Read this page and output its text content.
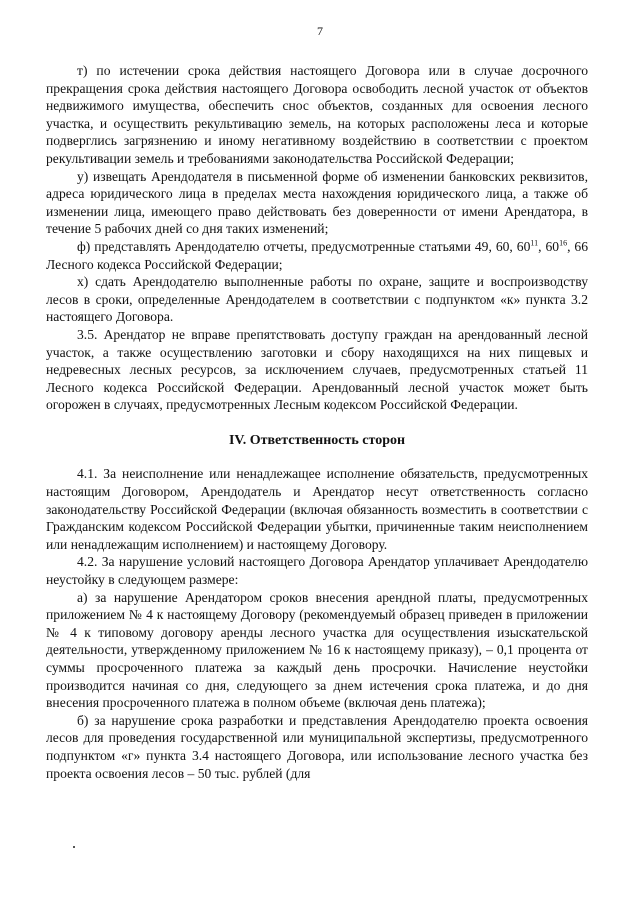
7

т) по истечении срока действия настоящего Договора или в случае досрочного прекращения срока действия настоящего Договора освободить лесной участок от объектов недвижимого имущества, обеспечить снос объектов, созданных для освоения лесного участка, и осуществить рекультивацию земель, на которых расположены леса и которые подверглись загрязнению и иному негативному воздействию в соответствии с проектом рекультивации земель и требованиями законодательства Российской Федерации;

у) извещать Арендодателя в письменной форме об изменении банковских реквизитов, адреса юридического лица в пределах места нахождения юридического лица, а также об изменении лица, имеющего право действовать без доверенности от имени Арендатора, в течение 5 рабочих дней со дня таких изменений;

ф) представлять Арендодателю отчеты, предусмотренные статьями 49, 60, $60^{11}$, $60^{16}$, 66 Лесного кодекса Российской Федерации;

х) сдать Арендодателю выполненные работы по охране, защите и воспроизводству лесов в сроки, определенные Арендодателем в соответствии с подпунктом «к» пункта 3.2 настоящего Договора.

3.5. Арендатор не вправе препятствовать доступу граждан на арендованный лесной участок, а также осуществлению заготовки и сбору находящихся на них пищевых и недревесных лесных ресурсов, за исключением случаев, предусмотренных статьей 11 Лесного кодекса Российской Федерации. Арендованный лесной участок может быть огорожен в случаях, предусмотренных Лесным кодексом Российской Федерации.

IV. Ответственность сторон

4.1. За неисполнение или ненадлежащее исполнение обязательств, предусмотренных настоящим Договором, Арендодатель и Арендатор несут ответственность согласно законодательству Российской Федерации (включая обязанность возместить в соответствии с Гражданским кодексом Российской Федерации убытки, причиненные таким неисполнением или ненадлежащим исполнением) и настоящему Договору.

4.2. За нарушение условий настоящего Договора Арендатор уплачивает Арендодателю неустойку в следующем размере:

а) за нарушение Арендатором сроков внесения арендной платы, предусмотренных приложением № 4 к настоящему Договору (рекомендуемый образец приведен в приложении № 4 к типовому договору аренды лесного участка для осуществления изыскательской деятельности, утвержденному приложением № 16 к настоящему приказу), – 0,1 процента от суммы просроченного платежа за каждый день просрочки. Начисление неустойки производится начиная со дня, следующего за днем истечения срока платежа, и до дня внесения просроченного платежа в полном объеме (включая день платежа);

б) за нарушение срока разработки и представления Арендодателю проекта освоения лесов для проведения государственной или муниципальной экспертизы, предусмотренного подпунктом «г» пункта 3.4 настоящего Договора, или использование лесного участка без проекта освоения лесов – 50 тыс. рублей (для
